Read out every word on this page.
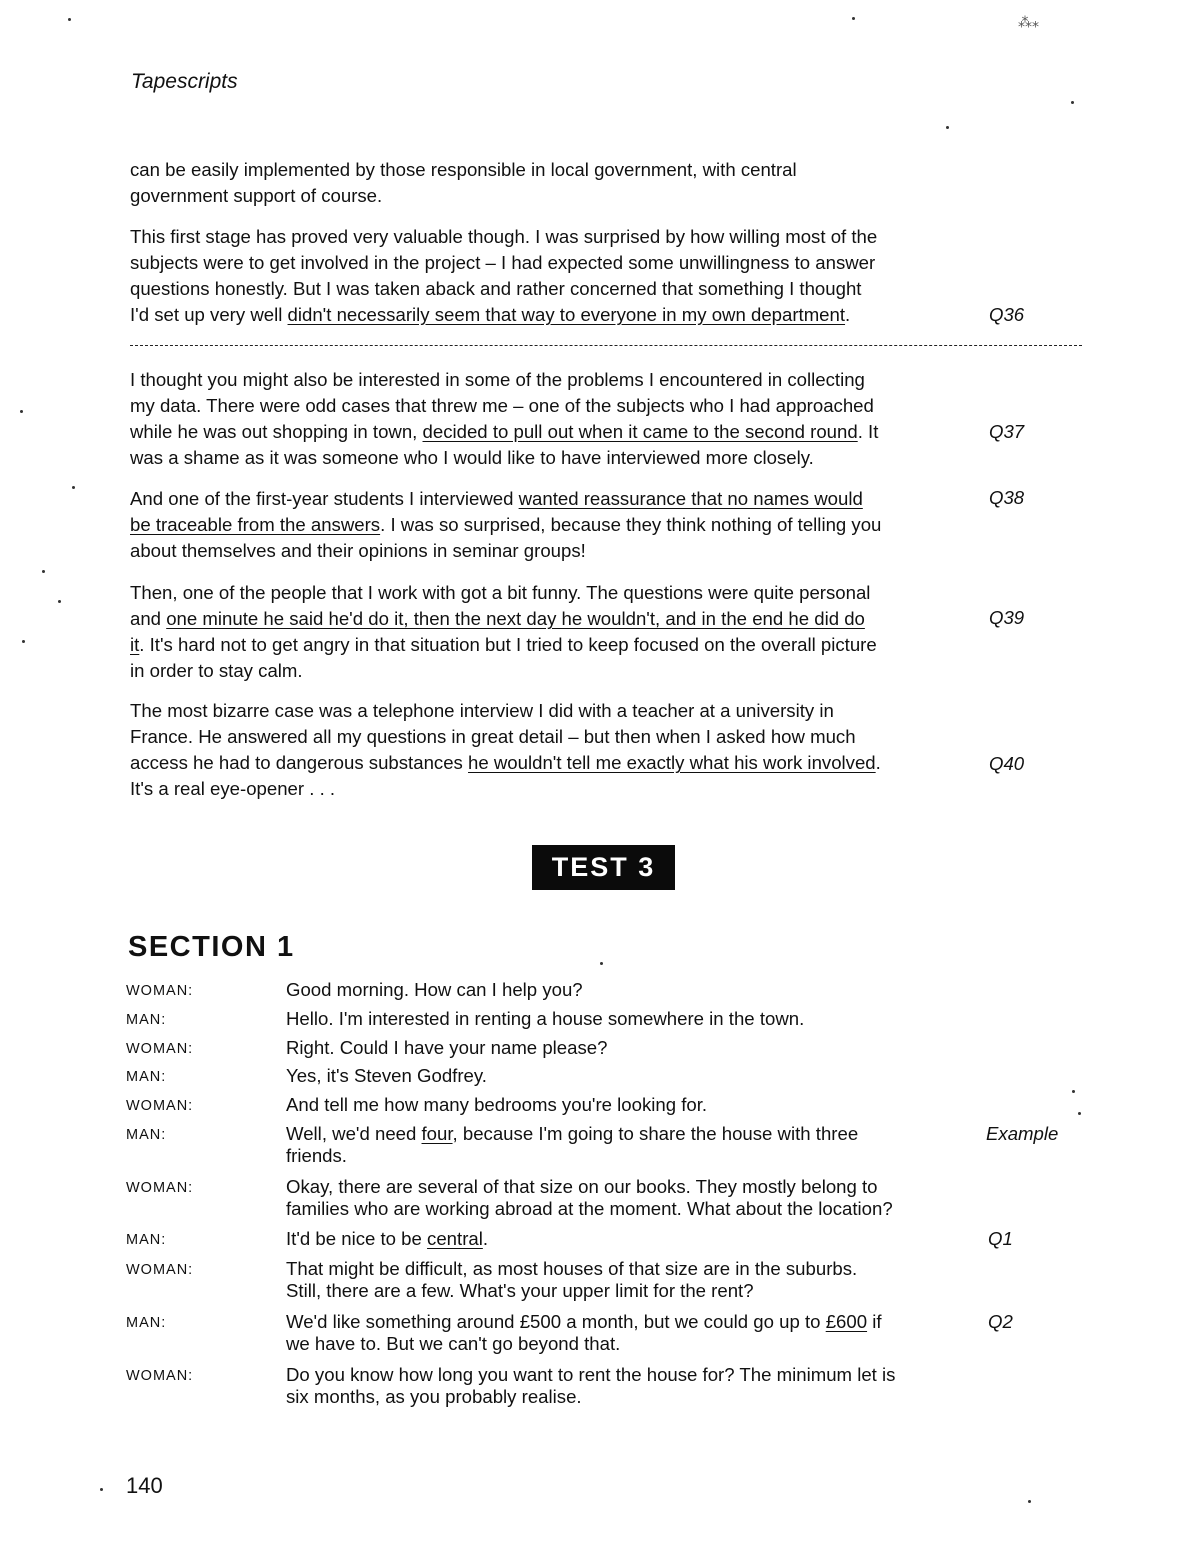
Tapescripts
⁂⁎
can be easily implemented by those responsible in local government, with central
government support of course.
This first stage has proved very valuable though. I was surprised by how willing most of the
subjects were to get involved in the project – I had expected some unwillingness to answer
questions honestly. But I was taken aback and rather concerned that something I thought
I'd set up very well didn't necessarily seem that way to everyone in my own department.	Q36
I thought you might also be interested in some of the problems I encountered in collecting
my data. There were odd cases that threw me – one of the subjects who I had approached
while he was out shopping in town, decided to pull out when it came to the second round. It
was a shame as it was someone who I would like to have interviewed more closely.
Q37
And one of the first-year students I interviewed wanted reassurance that no names would
be traceable from the answers. I was so surprised, because they think nothing of telling you
about themselves and their opinions in seminar groups!
Q38
Then, one of the people that I work with got a bit funny. The questions were quite personal
and one minute he said he'd do it, then the next day he wouldn't, and in the end he did do
it. It's hard not to get angry in that situation but I tried to keep focused on the overall picture
in order to stay calm.
Q39
The most bizarre case was a telephone interview I did with a teacher at a university in
France. He answered all my questions in great detail – but then when I asked how much
access he had to dangerous substances he wouldn't tell me exactly what his work involved.
It's a real eye-opener . . .
Q40
TEST 3
SECTION 1
WOMAN:	Good morning. How can I help you?
MAN:	Hello. I'm interested in renting a house somewhere in the town.
WOMAN:	Right. Could I have your name please?
MAN:	Yes, it's Steven Godfrey.
WOMAN:	And tell me how many bedrooms you're looking for.
MAN:	Well, we'd need four, because I'm going to share the house with three
friends.
Example
WOMAN:	Okay, there are several of that size on our books. They mostly belong to
families who are working abroad at the moment. What about the location?
MAN:	It'd be nice to be central.	Q1
WOMAN:	That might be difficult, as most houses of that size are in the suburbs.
Still, there are a few. What's your upper limit for the rent?
MAN:	We'd like something around £500 a month, but we could go up to £600 if
we have to. But we can't go beyond that.
Q2
WOMAN:	Do you know how long you want to rent the house for? The minimum let is
six months, as you probably realise.
140
